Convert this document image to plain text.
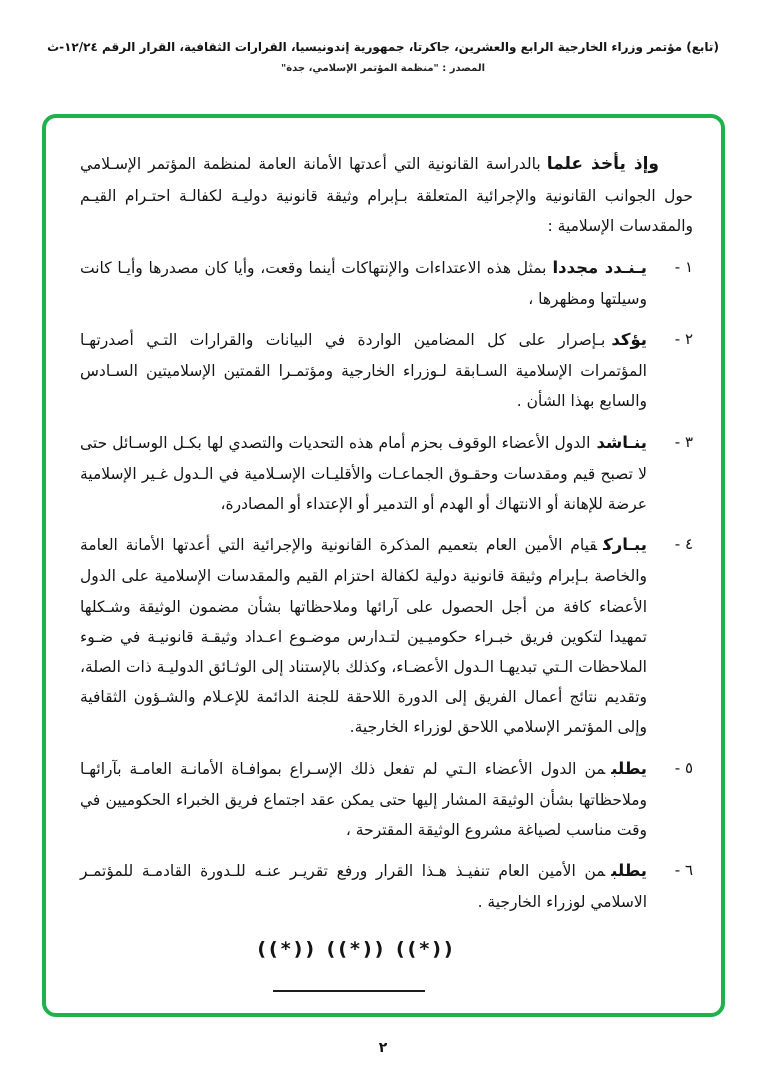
(تابع) مؤتمر وزراء الخارجية الرابع والعشرين، جاكرتا، جمهورية إندونيسيا، القرارات الثقافية، القرار الرقم ١٢/٢٤-ث
المصدر : "منظمة المؤتمر الإسلامي، جدة"

وإذ يأخذ علمابالدراسة القانونية التي أعدتها الأمانة العامة لمنظمة المؤتمر الإسـلامي حول الجوانب القانونية والإجرائية المتعلقة بـإبرام وثيقة قانونية دوليـة لكفالـة احتـرام القيـم والمقدسات الإسلامية :

١ -
يـنـدد مجددابمثل هذه الاعتداءات والإنتهاكات أينما وقعت، وأيا كان مصدرها وأيـا كانت وسيلتها ومظهرها ،
٢ -
يؤكدبـإصرار على كل المضامين الواردة في البيانات والقرارات التـي أصدرتهـا المؤتمرات الإسلامية السـابقة لـوزراء الخارجية ومؤتمـرا القمتين الإسلاميتين السـادس والسابع بهذا الشأن .
٣ -
ينـاشدالدول الأعضاء الوقوف بحزم أمام هذه التحديات والتصدي لها بكـل الوسـائل حتى لا تصبح قيم ومقدسات وحقـوق الجماعـات والأقليـات الإسـلامية في الـدول غـير الإسلامية عرضة للإهانة أو الانتهاك أو الهدم أو التدمير أو الإعتداء أو المصادرة،
٤ -
يبـاركقيام الأمين العام بتعميم المذكرة القانونية والإجرائية التي أعدتها الأمانة العامة والخاصة بـإبرام وثيقة قانونية دولية لكفالة احتزام القيم والمقدسات الإسلامية على الدول الأعضاء كافة من أجل الحصول على آرائها وملاحظاتها بشأن مضمون الوثيقة وشـكلها تمهيدا لتكوين فريق خبـراء حكوميـين لتـدارس موضـوع اعـداد وثيقـة قانونيـة في ضـوء الملاحظات الـتي تبديهـا الـدول الأعضـاء، وكذلك بالإستناد إلى الوثـائق الدوليـة ذات الصلة، وتقديم نتائج أعمال الفريق إلى الدورة اللاحقة للجنة الدائمة للإعـلام والشـؤون الثقافية وإلى المؤتمر الإسلامي اللاحق لوزراء الخارجية.
٥ -
يطلبمن الدول الأعضاء الـتي لم تفعل ذلك الإسـراع بموافـاة الأمانـة العامـة بآرائهـا وملاحظاتها بشأن الوثيقة المشار إليها حتى يمكن عقد اجتماع فريق الخبراء الحكوميين في وقت مناسب لصياغة مشروع الوثيقة المقترحة ،
٦ -
يطلبمن الأمين العام تنفيـذ هـذا القرار ورفع تقريـر عنـه للـدورة القادمـة للمؤتمـر الاسلامي لوزراء الخارجية .
((*)) ((*)) ((*))
٢
